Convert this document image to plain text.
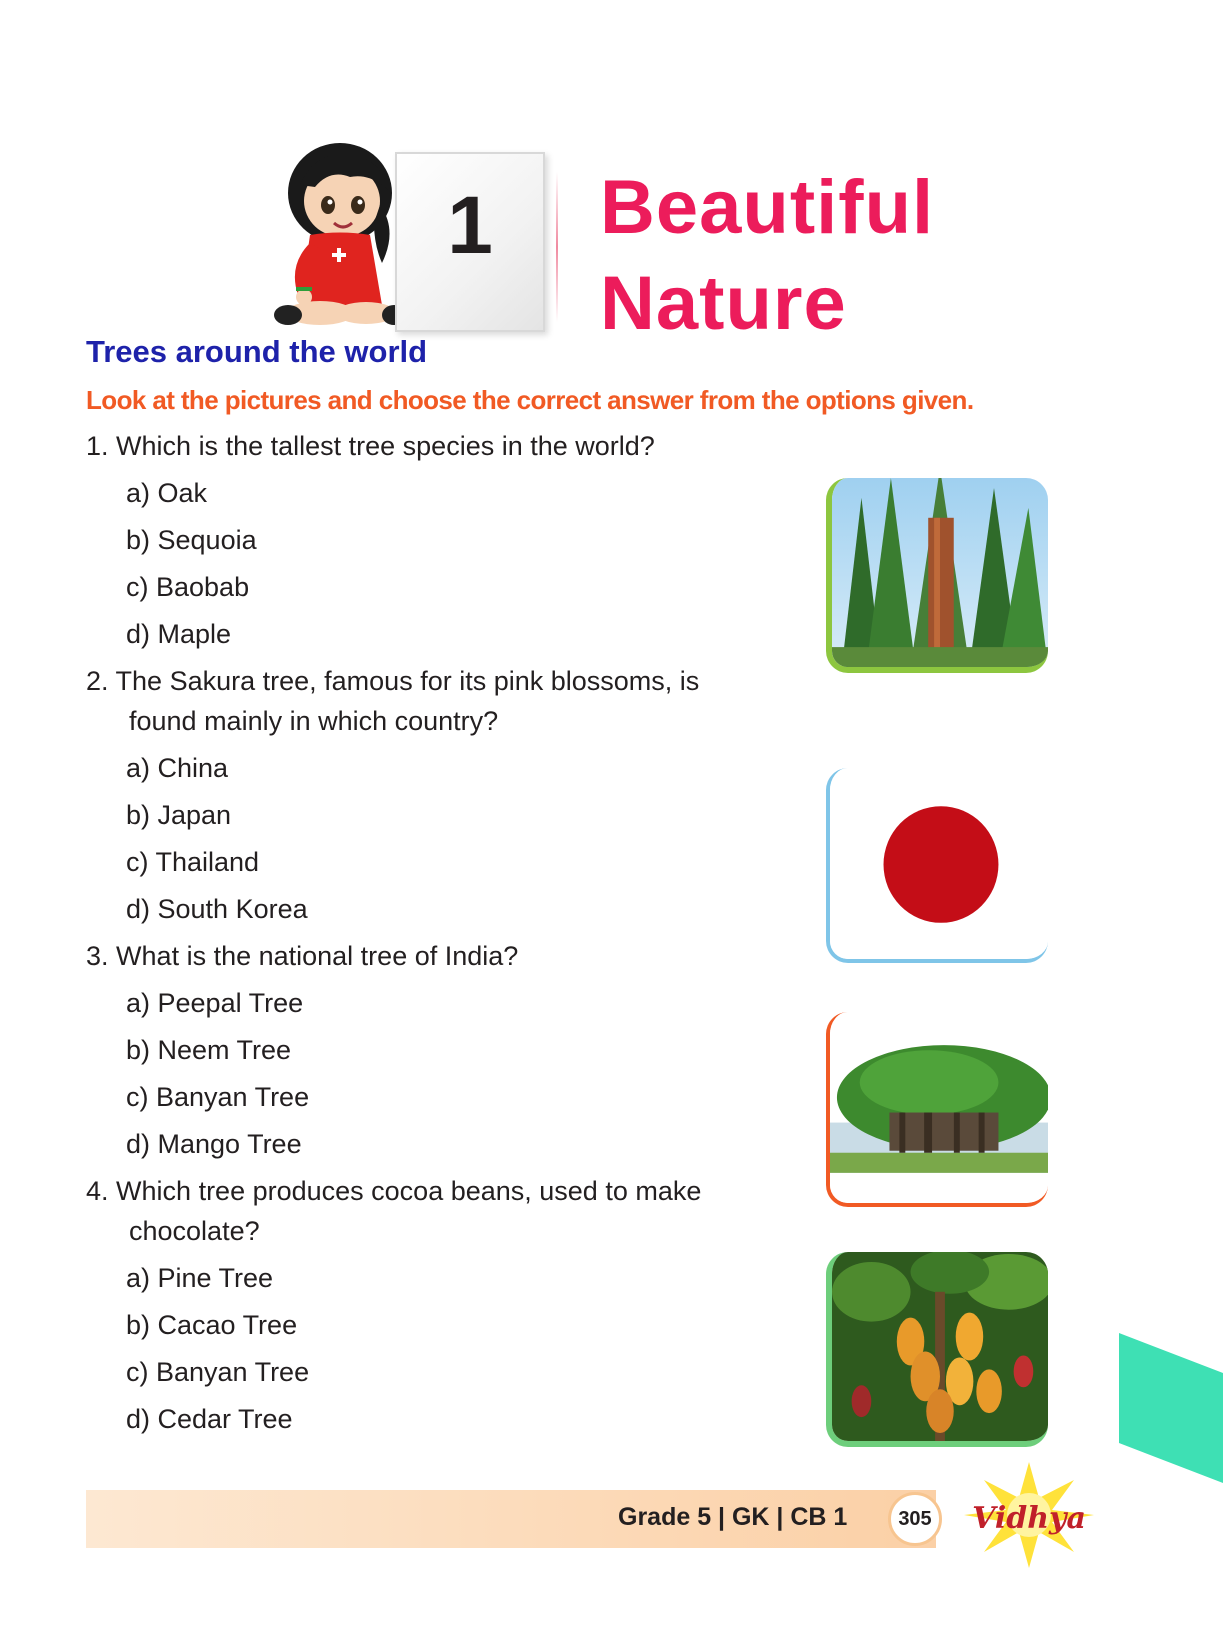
1	Beautiful
Nature
Trees around the world
Look at the pictures and choose the correct answer from the options given.
1. Which is the tallest tree species in the world?
a) Oak
b) Sequoia
c) Baobab
d) Maple
2. The Sakura tree, famous for its pink blossoms, is
found mainly in which country?
a) China
b) Japan
c) Thailand
d) South Korea
3. What is the national tree of India?
a) Peepal Tree
b) Neem Tree
c) Banyan Tree
d) Mango Tree
4. Which tree produces cocoa beans, used to make
chocolate?
a) Pine Tree
b) Cacao Tree
c) Banyan Tree
d) Cedar Tree
Grade 5 | GK | CB 1	305	Vidhya
